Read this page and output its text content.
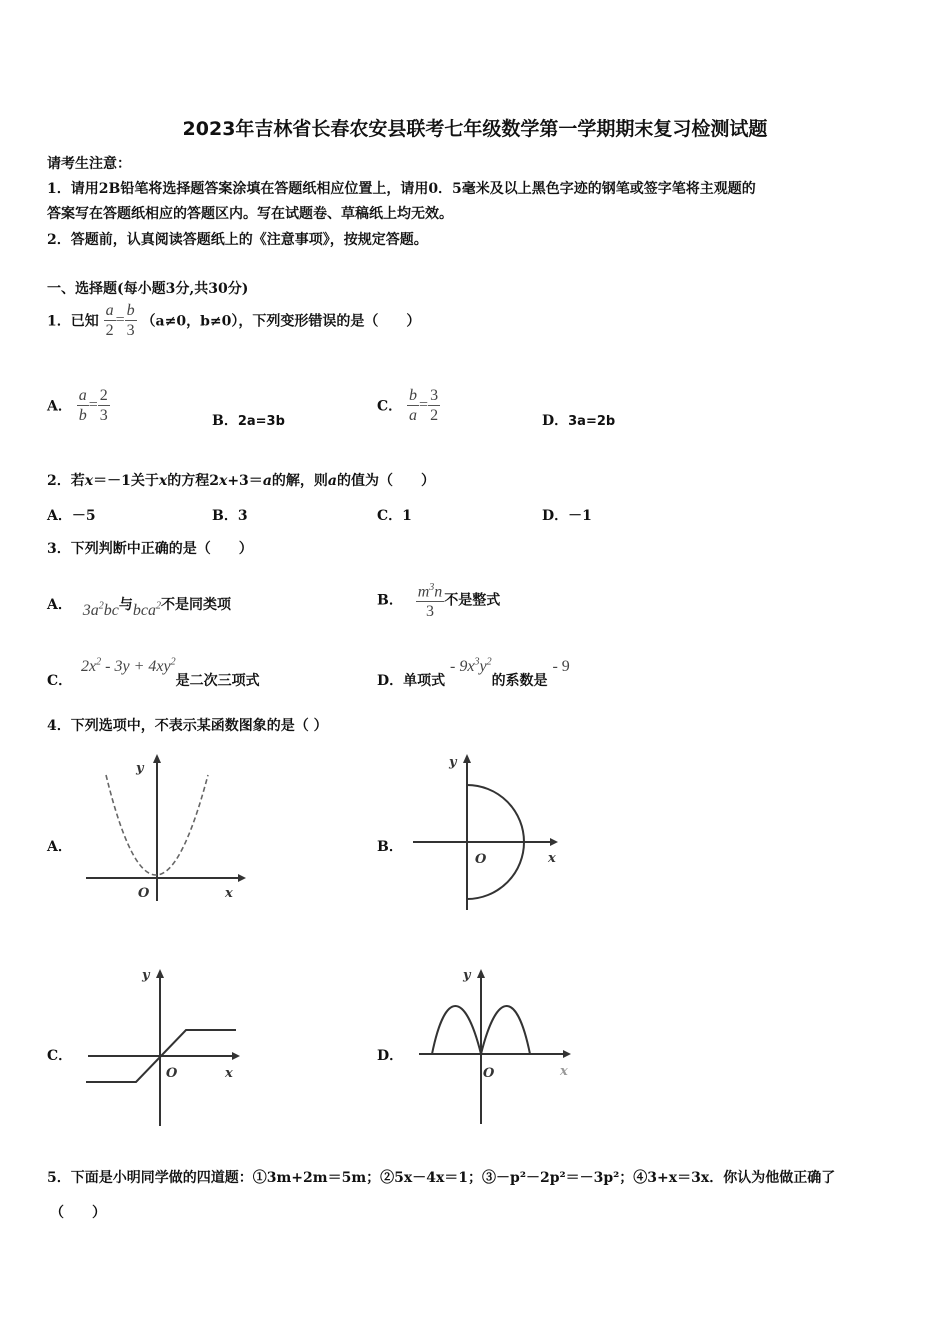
2023年吉林省长春农安县联考七年级数学第一学期期末复习检测试题
请考生注意：
1．请用2B铅笔将选择题答案涂填在答题纸相应位置上，请用0．5毫米及以上黑色字迹的钢笔或签字笔将主观题的
答案写在答题纸相应的答题区内。写在试题卷、草稿纸上均无效。
2．答题前，认真阅读答题纸上的《注意事项》，按规定答题。
一、选择题(每小题3分,共30分)
1．已知 $\frac{a}{2} = \frac{b}{3} (a\ne 0$，b≠0），下列变形错误的是（　　）
A． $\frac{a}{b} = \frac{2}{3}$	B．2a=3b
C． $\frac{b}{a} = \frac{3}{2}$	D．3a=2b
2．若x＝－1关于x的方程2x+3＝a的解，则a的值为（　　）
A．－5	B．3	C．1	D．－1
3．下列判断中正确的是（　　）
A． $3a^2bc$与bca$^2$不是同类项	B． $\frac{m^3n}{3}$ 不是整式
C． $2x^2 - 3y + 4xy^2$是二次三项式	D．单项式 - $9x^3y^2$的系数是 - 9
4．下列选项中，不表示某函数图象的是（ ）
A．
y
O	x
B．
y
O	x
C．
y
O	x
D．
y
O	x
5．下面是小明同学做的四道题：①3m+2m＝5m；②5x－4x＝1；③－p²－2p²＝－3p²；④3+x＝3x．你认为他做正确了
（　　）
